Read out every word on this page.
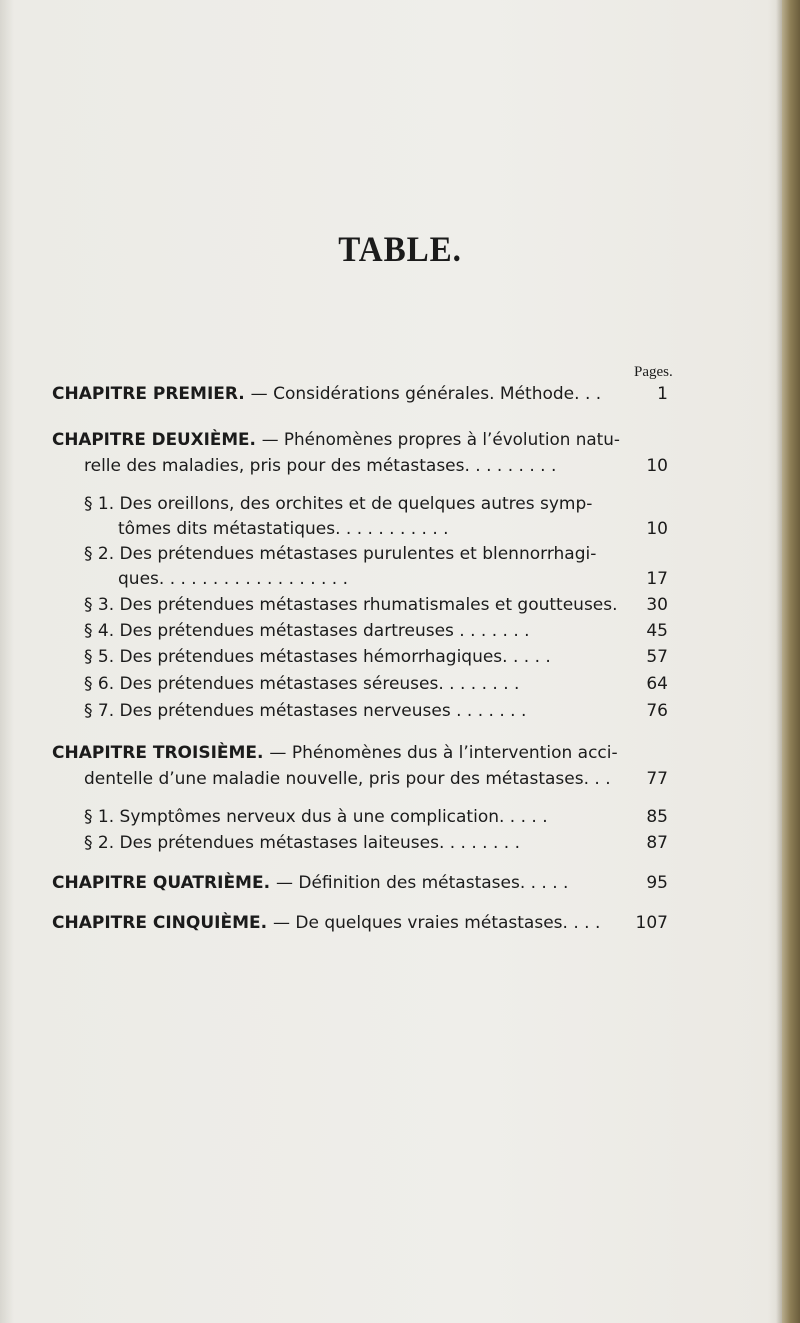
TABLE.
Pages.
CHAPITRE PREMIER. — Considérations générales. Méthode. . .	1
CHAPITRE DEUXIÈME. — Phénomènes propres à l’évolution natu-
relle des maladies, pris pour des métastases. . . . . . . . .	10
§ 1. Des oreillons, des orchites et de quelques autres symp-
tômes dits métastatiques. . . . . . . . . . .	10
§ 2. Des prétendues métastases purulentes et blennorrhagi-
ques. . . . . . . . . . . . . . . . . .	17
§ 3. Des prétendues métastases rhumatismales et goutteuses.	30
§ 4. Des prétendues métastases dartreuses . . . . . . .	45
§ 5. Des prétendues métastases hémorrhagiques. . . . .	57
§ 6. Des prétendues métastases séreuses. . . . . . . .	64
§ 7. Des prétendues métastases nerveuses . . . . . . .	76
CHAPITRE TROISIÈME. — Phénomènes dus à l’intervention acci-
dentelle d’une maladie nouvelle, pris pour des métastases. . .	77
§ 1. Symptômes nerveux dus à une complication. . . . .	85
§ 2. Des prétendues métastases laiteuses. . . . . . . .	87
CHAPITRE QUATRIÈME. — Définition des métastases. . . . .	95
CHAPITRE CINQUIÈME. — De quelques vraies métastases. . . .	107
